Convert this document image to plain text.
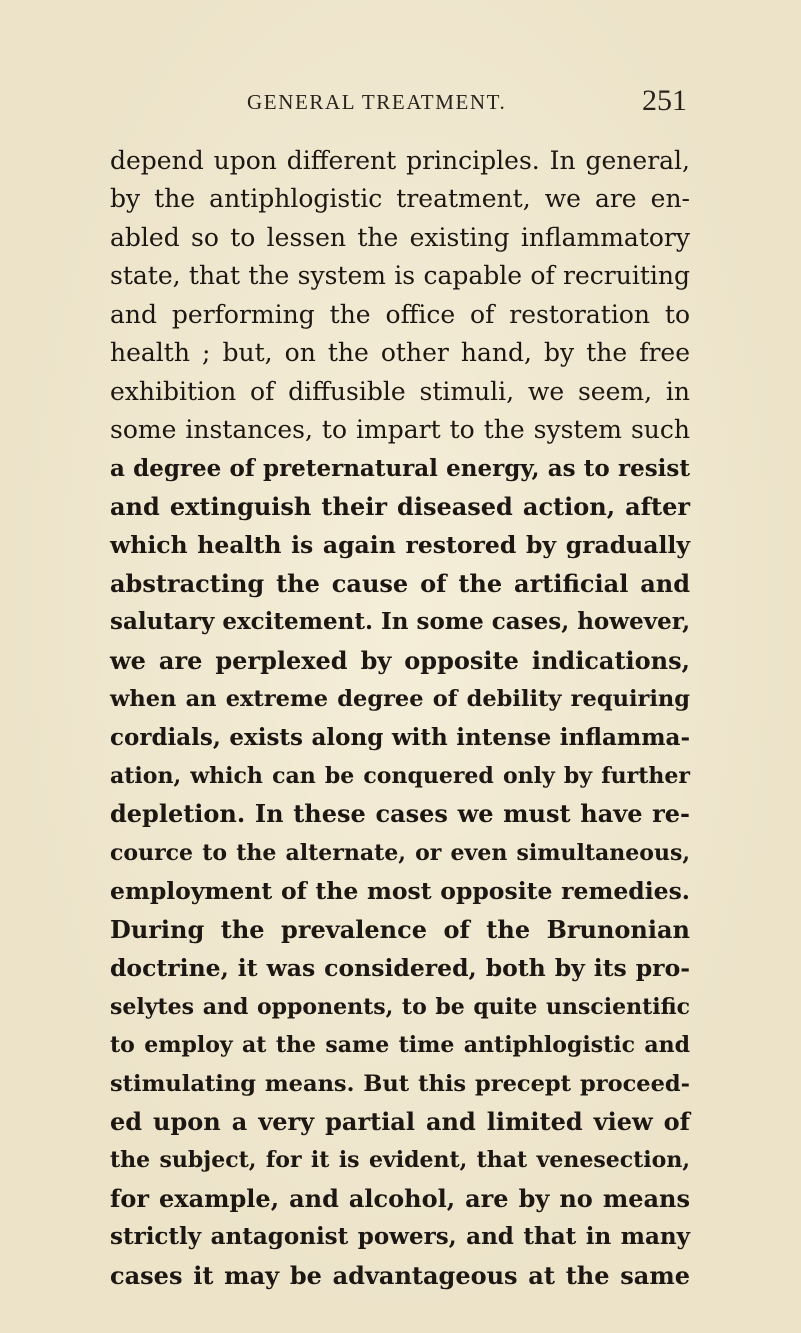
GENERAL TREATMENT.	251
depend upon different principles. In general,
by the antiphlogistic treatment, we are en-
abled so to lessen the existing inflammatory
state, that the system is capable of recruiting
and performing the office of restoration to
health ; but, on the other hand, by the free
exhibition of diffusible stimuli, we seem, in
some instances, to impart to the system such
a degree of preternatural energy, as to resist
and extinguish their diseased action, after
which health is again restored by gradually
abstracting the cause of the artificial and
salutary excitement. In some cases, however,
we are perplexed by opposite indications,
when an extreme degree of debility requiring
cordials, exists along with intense inflamma-
ation, which can be conquered only by further
depletion. In these cases we must have re-
cource to the alternate, or even simultaneous,
employment of the most opposite remedies.
During the prevalence of the Brunonian
doctrine, it was considered, both by its pro-
selytes and opponents, to be quite unscientific
to employ at the same time antiphlogistic and
stimulating means. But this precept proceed-
ed upon a very partial and limited view of
the subject, for it is evident, that venesection,
for example, and alcohol, are by no means
strictly antagonist powers, and that in many
cases it may be advantageous at the same
